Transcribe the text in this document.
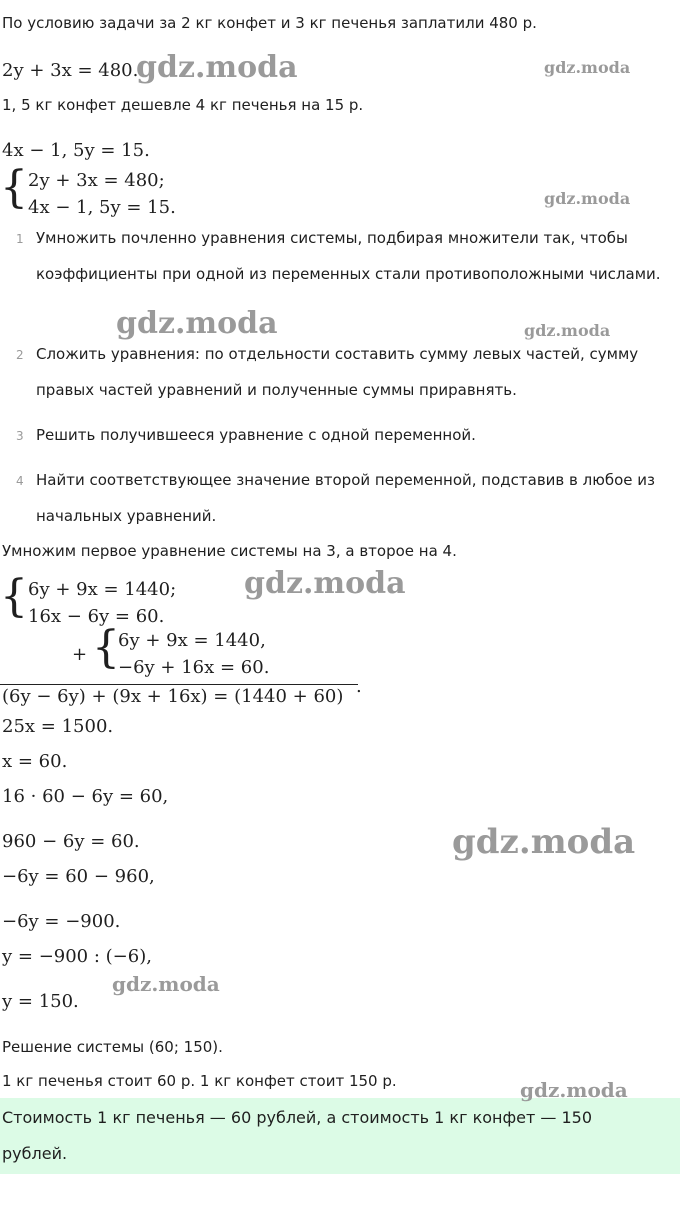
По условию задачи за 2 кг конфет и 3 кг печенья заплатили 480 р.
2y + 3x = 480.
1, 5 кг конфет дешевле 4 кг печенья на 15 р.
4x − 1, 5y = 15.
{ 2y + 3x = 480;
4x − 1, 5y = 15.
1 Умножить почленно уравнения системы, подбирая множители так, чтобы коэффициенты при одной из переменных стали противоположными числами.
2 Сложить уравнения: по отдельности составить сумму левых частей, сумму правых частей уравнений и полученные суммы приравнять.
3 Решить получившееся уравнение с одной переменной.
4 Найти соответствующее значение второй переменной, подставив в любое из начальных уравнений.
Умножим первое уравнение системы на 3, а второе на 4.
{ 6y + 9x = 1440;
16x − 6y = 60.
+ {
6y + 9x = 1440,
−6y + 16x = 60.
(6y − 6y) + (9x + 16x) = (1440 + 60) .
25x = 1500.
x = 60.
16 · 60 − 6y = 60,
960 − 6y = 60.
−6y = 60 − 960,
−6y = −900.
y = −900 : (−6),
y = 150.
Решение системы (60; 150).
1 кг печенья стоит 60 р. 1 кг конфет стоит 150 р.
Стоимость 1 кг печенья — 60 рублей, а стоимость 1 кг конфет — 150 рублей.
gdz.moda	gdz.moda
gdz.moda
gdz.moda	gdz.moda
gdz.moda
gdz.moda
gdz.moda
gdz.moda
